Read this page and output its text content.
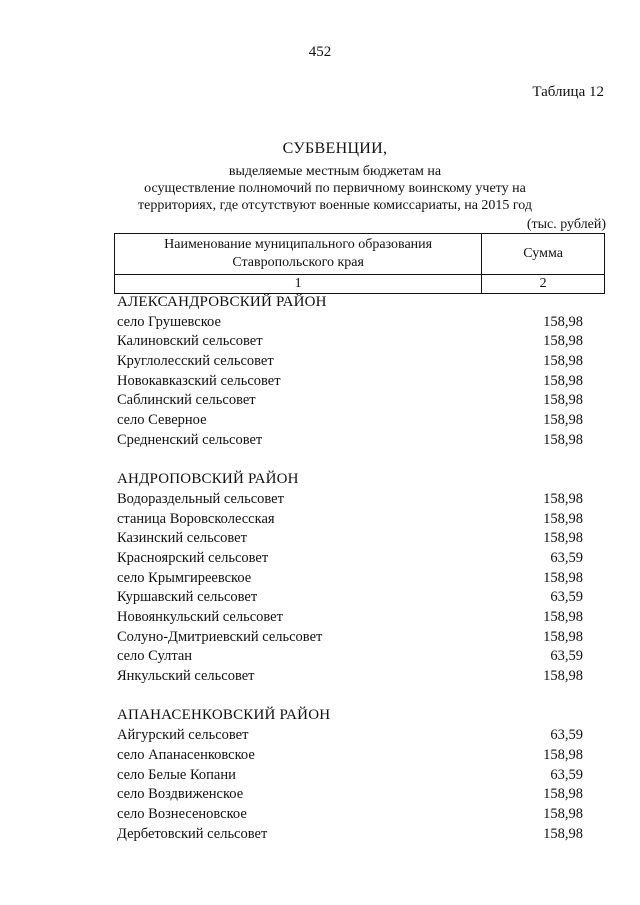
452
Таблица 12
СУБВЕНЦИИ,
выделяемые местным бюджетам на
осуществление полномочий по первичному воинскому учету на
территориях, где отсутствуют военные комиссариаты, на 2015 год
(тыс. рублей)
Наименование муниципального образования
Ставропольского края	Сумма
1	2
АЛЕКСАНДРОВСКИЙ РАЙОН
село Грушевское	158,98
Калиновский сельсовет	158,98
Круглолесский сельсовет	158,98
Новокавказский сельсовет	158,98
Саблинский сельсовет	158,98
село Северное	158,98
Средненский сельсовет	158,98
АНДРОПОВСКИЙ РАЙОН
Водораздельный сельсовет	158,98
станица Воровсколесская	158,98
Казинский сельсовет	158,98
Красноярский сельсовет	63,59
село Крымгиреевское	158,98
Куршавский сельсовет	63,59
Новоянкульский сельсовет	158,98
Солуно-Дмитриевский сельсовет	158,98
село Султан	63,59
Янкульский сельсовет	158,98
АПАНАСЕНКОВСКИЙ РАЙОН
Айгурский сельсовет	63,59
село Апанасенковское	158,98
село Белые Копани	63,59
село Воздвиженское	158,98
село Вознесеновское	158,98
Дербетовский сельсовет	158,98
